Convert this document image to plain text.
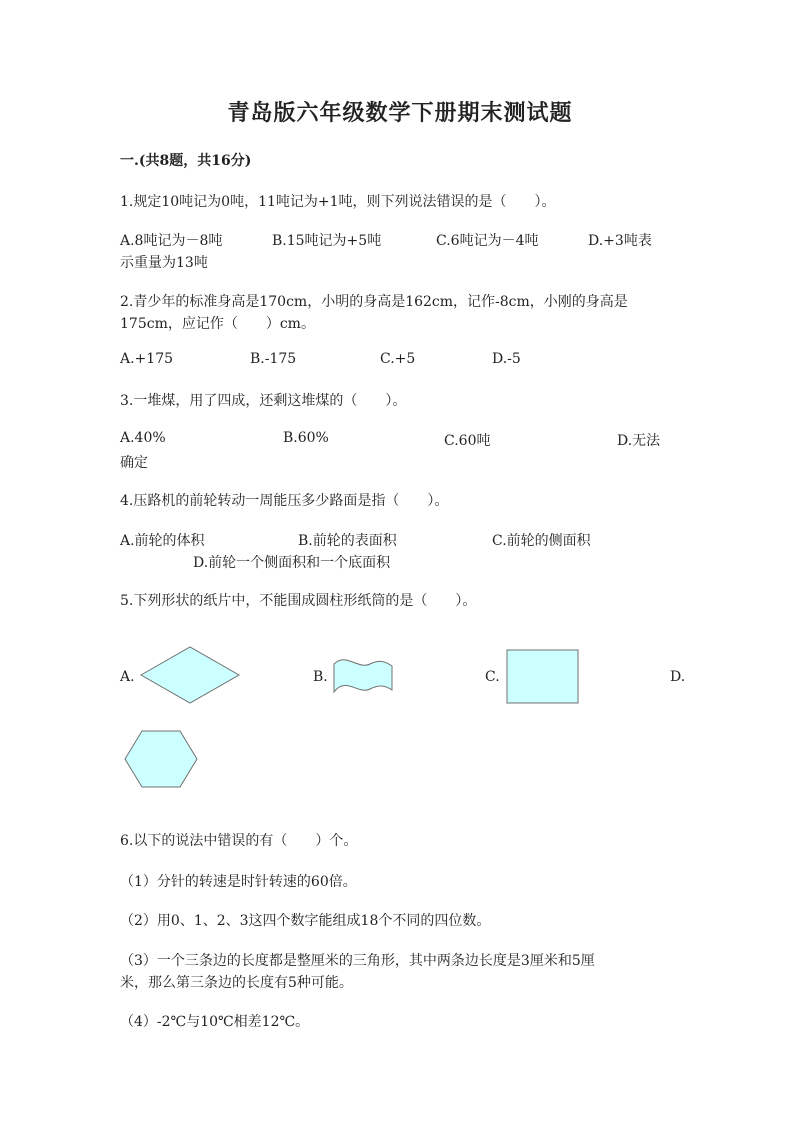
青岛版六年级数学下册期末测试题
一.(共8题，共16分)
1.规定10吨记为0吨，11吨记为+1吨，则下列说法错误的是（　　）。
A.8吨记为－8吨	B.15吨记为+5吨	C.6吨记为－4吨	D.+3吨表
示重量为13吨
2.青少年的标准身高是170cm，小明的身高是162cm，记作-8cm，小刚的身高是
175cm，应记作（　　）cm。
A.+175	B.-175	C.+5	D.-5
3.一堆煤，用了四成，还剩这堆煤的（　　）。
A.40%	B.60%	C.60吨	D.无法
确定
4.压路机的前轮转动一周能压多少路面是指（　　）。
A.前轮的体积	B.前轮的表面积	C.前轮的侧面积
D.前轮一个侧面积和一个底面积
5.下列形状的纸片中，不能围成圆柱形纸筒的是（　　）。
A.	B.	C.	D.
6.以下的说法中错误的有（　　）个。
（1）分针的转速是时针转速的60倍。
（2）用0、1、2、3这四个数字能组成18个不同的四位数。
（3）一个三条边的长度都是整厘米的三角形，其中两条边长度是3厘米和5厘
米，那么第三条边的长度有5种可能。
（4）-2℃与10℃相差12℃。
